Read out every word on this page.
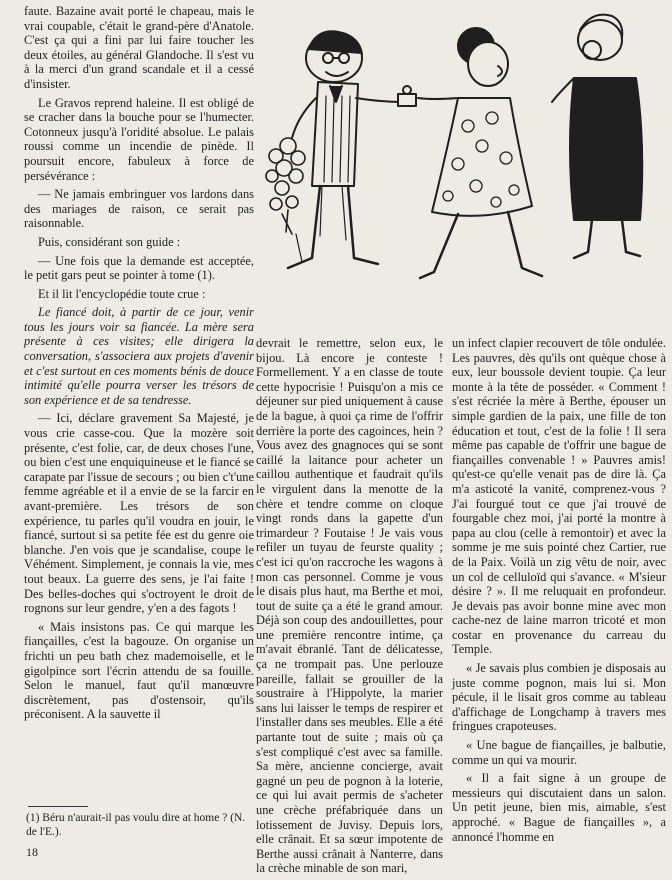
faute. Bazaine avait porté le chapeau, mais le vrai coupable, c'était le grand-père d'Anatole. C'est ça qui a fini par lui faire toucher les deux étoiles, au général Glandoche. Il s'est vu à la merci d'un grand scandale et il a cessé d'insister.

Le Gravos reprend haleine. Il est obligé de se cracher dans la bouche pour se l'humecter. Cotonneux jusqu'à l'oridité absolue. Le palais roussi comme un incendie de pinède. Il poursuit encore, fabuleux à force de persévérance :

— Ne jamais embringuer vos lardons dans des mariages de raison, ce serait pas raisonnable.

Puis, considérant son guide :

— Une fois que la demande est acceptée, le petit gars peut se pointer à tome (1).

Et il lit l'encyclopédie toute crue :

Le fiancé doit, à partir de ce jour, venir tous les jours voir sa fiancée. La mère sera présente à ces visites; elle dirigera la conversation, s'associera aux projets d'avenir et c'est surtout en ces moments bénis de douce intimité qu'elle pourra verser les trésors de son expérience et de sa tendresse.

— Ici, déclare gravement Sa Majesté, je vous crie casse-cou. Que la mozère soit présente, c'est folie, car, de deux choses l'une, ou bien c'est une enquiquineuse et le fiancé se carapate par l'issue de secours ; ou bien c't'une femme agréable et il a envie de se la farcir en avant-première. Les trésors de son expérience, tu parles qu'il voudra en jouir, le fiancé, surtout si sa petite fée est du genre oie blanche. J'en vois que je scandalise, coupe le Véhément. Simplement, je connais la vie, mes tout beaux. La guerre des sens, je l'ai faite ! Des belles-doches qui s'octroyent le droit de rognons sur leur gendre, y'en a des fagots !

« Mais insistons pas. Ce qui marque les fiançailles, c'est la bagouze. On organise un frichti un peu bath chez mademoiselle, et le gigolpince sort l'écrin attendu de sa fouille. Selon le manuel, faut qu'il manœuvre discrètement, pas d'ostensoir, qu'ils préconisent. A la sauvette il

devrait le remettre, selon eux, le bijou. Là encore je conteste ! Formellement. Y a en classe de toute cette hypocrisie ! Puisqu'on a mis ce déjeuner sur pied uniquement à cause de la bague, à quoi ça rime de l'offrir derrière la porte des cagoinces, hein ? Vous avez des gnagnoces qui se sont caillé la laitance pour acheter un caillou authentique et faudrait qu'ils le virgulent dans la menotte de la chère et tendre comme on cloque vingt ronds dans la gapette d'un trimardeur ? Foutaise ! Je vais vous refiler un tuyau de feurste quality ; c'est ici qu'on raccroche les wagons à mon cas personnel. Comme je vous le disais plus haut, ma Berthe et moi, tout de suite ça a été le grand amour. Déjà son coup des andouillettes, pour une première rencontre intime, ça m'avait ébranlé. Tant de délicatesse, ça ne trompait pas. Une perlouze pareille, fallait se grouiller de la soustraire à l'Hippolyte, la marier sans lui laisser le temps de respirer et l'installer dans ses meubles. Elle a été partante tout de suite ; mais où ça s'est compliqué c'est avec sa famille. Sa mère, ancienne concierge, avait gagné un peu de pognon à la loterie, ce qui lui avait permis de s'acheter une crèche préfabriquée dans un lotissement de Juvisy. Depuis lors, elle crânait. Et sa sœur impotente de Berthe aussi crânait à Nanterre, dans la crèche minable de son mari,

un infect clapier recouvert de tôle ondulée. Les pauvres, dès qu'ils ont quèque chose à eux, leur boussole devient toupie. Ça leur monte à la tête de posséder. « Comment ! s'est récriée la mère à Berthe, épouser un simple gardien de la paix, une fille de ton éducation et tout, c'est de la folie ! Il sera même pas capable de t'offrir une bague de fiançailles convenable ! » Pauvres amis! qu'est-ce qu'elle venait pas de dire là. Ça m'a asticoté la vanité, comprenez-vous ? J'ai fourgué tout ce que j'ai trouvé de fourgable chez moi, j'ai porté la montre à papa au clou (celle à remontoir) et avec la somme je me suis pointé chez Cartier, rue de la Paix. Voilà un zig vêtu de noir, avec un col de celluloïd qui s'avance. « M'sieur désire ? ». Il me reluquait en profondeur. Je devais pas avoir bonne mine avec mon cache-nez de laine marron tricoté et mon costar en provenance du carreau du Temple.

« Je savais plus combien je disposais au juste comme pognon, mais lui si. Mon pécule, il le lisait gros comme au tableau d'affichage de Longchamp à travers mes fringues crapoteuses.

« Une bague de fiançailles, je balbutie, comme un qui va mourir.

« Il a fait signe à un groupe de messieurs qui discutaient dans un salon. Un petit jeune, bien mis, aimable, s'est approché. « Bague de fiançailles », a annoncé l'homme en

(1) Béru n'aurait-il pas voulu dire at home ? (N. de l'E.).
18
